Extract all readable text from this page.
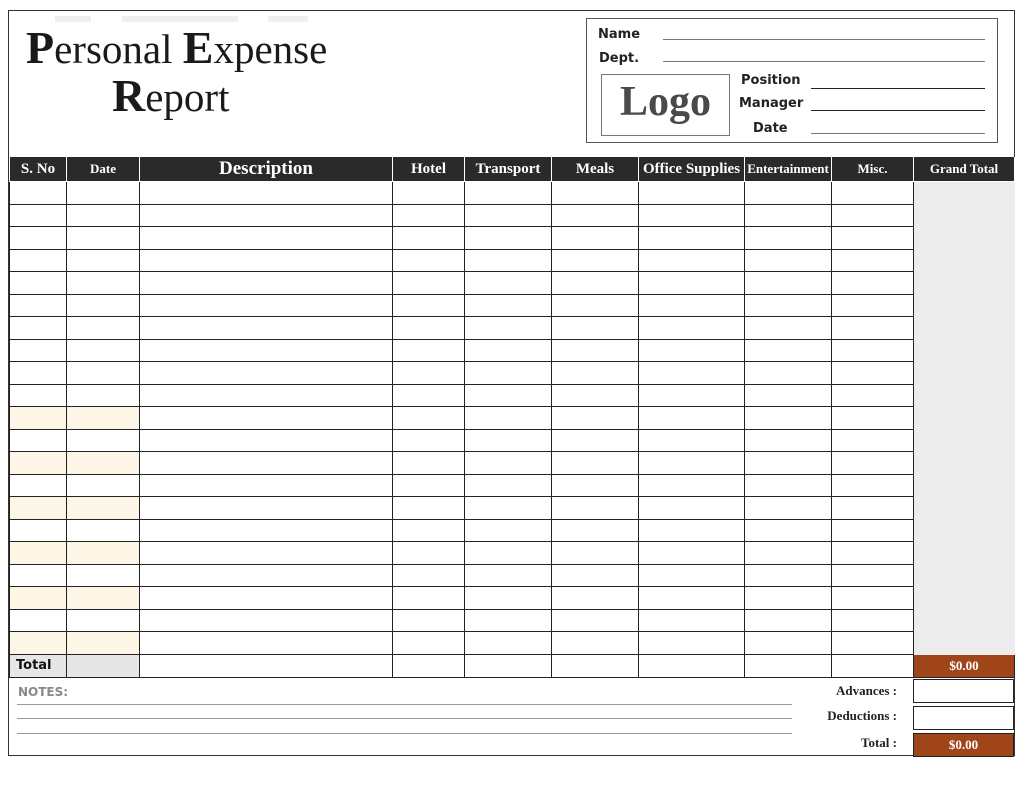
Personal Expense
Report
Name
Dept.
Logo	Position
Manager
Date
S. No	Date	Description	Hotel	Transport	Meals	Office Supplies	Entertainment	Misc.	Grand Total

Total									$0.00
NOTES:	Advances :
Deductions :
Total :	$0.00
